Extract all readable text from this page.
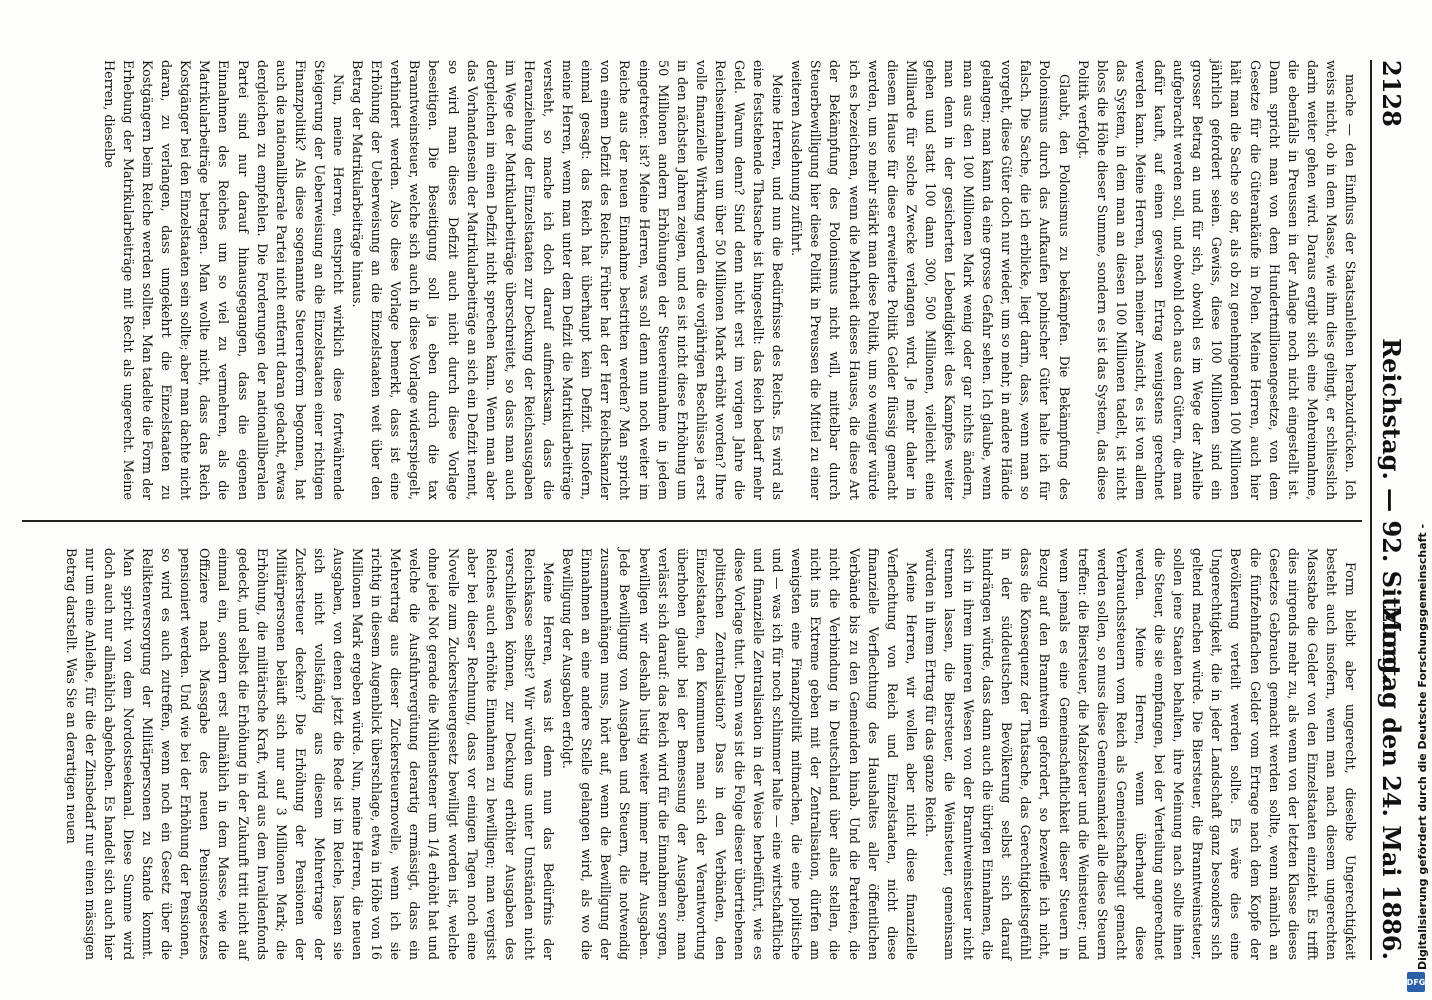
2128
Reichstag. — 92. Sitzung.
Montag den 24. Mai 1886.

mache — den Einfluss der Staatsanleihen herabzudrücken. Ich weiss nicht, ob in dem Masse, wie ihm dies gelingt, er schliesslich darin weiter gehen wird. Daraus ergibt sich eine Mehreinnahme, die ebenfalls in Preussen in der Anlage noch nicht eingestellt ist. Dann spricht man von dem Hundertmillionengesetze, von dem Gesetze für die Güterankäufe in Polen. Meine Herren, auch hier hält man die Sache so dar, als ob zu genehmigenden 100 Millionen jährlich gefordert seien. Gewiss, diese 100 Millionen sind ein grosser Betrag an und für sich, obwohl es im Wege der Anleihe aufgebracht werden soll, und obwohl doch aus den Gütern, die man dafür kauft, auf einen gewissen Ertrag wenigstens gerechnet werden kann. Meine Herren, nach meiner Ansicht, es ist von allem das System, in dem man an diesen 100 Millionen tadelt, ist nicht bloss die Höhe dieser Summe, sondern es ist das System, das diese Politik verfolgt.

Glaubt, den Polonismus zu bekämpfen. Die Bekämpfung des Polonismus durch das Aufkaufen polnischer Güter halte ich für falsch. Die Sache, die ich erblicke, liegt darin, dass, wenn man so vorgeht, diese Güter doch nur wieder, um so mehr, in andere Hände gelangen; man kann da eine grosse Gefahr sehen. Ich glaube, wenn man aus den 100 Millionen Mark wenig oder gar nichts ändern, man denn in der gesicherten Lebendigkeit des Kampfes weiter gehen und statt 100 dann 300, 500 Millionen, vielleicht eine Milliarde für solche Zwecke verlangen wird. Je mehr daher in diesem Hause für diese erweiterte Politik Gelder flüssig gemacht werden, um so mehr stärkt man diese Politik, um so weniger würde ich es bezeichnen, wenn die Mehrheit dieses Hauses, die diese Art der Bekämpfung des Polonismus nicht will, mittelbar durch Steuerbewilligung hier diese Politik in Preussen die Mittel zu einer weiteren Ausdehnung zuführt.

Meine Herren, und nun die Bedürfnisse des Reichs. Es wird als eine feststehende Thatsache ist hingestellt: das Reich bedarf mehr Geld. Warum denn? Sind denn nicht erst im vorigen Jahre die Reichseinnahmen um über 50 Millionen Mark erhöht worden? Ihre volle finanzielle Wirkung werden die vorjährigen Beschlüsse ja erst in den nächsten Jahren zeigen, und es ist nicht diese Erhöhung um 50 Millionen andern Erhöhungen der Steuereinnahme in jedem eingetreten: ist? Meine Herren, was soll denn nun noch weiter im Reiche aus der neuen Einnahme bestritten werden? Man spricht von einem Defizit des Reichs. Früher hat der Herr Reichskanzler einmal gesagt: das Reich hat überhaupt kein Defizit. Insofern, meine Herren, wenn man unter dem Defizit die Matrikularbeiträge versteht, so mache ich doch darauf aufmerksam, dass die Heranziehung der Einzelstaaten zur Deckung der Reichsausgaben im Wege der Matrikularbeiträge überschreitet, so dass man auch dergleichen im einen Defizit nicht sprechen kann. Wenn man aber das Vorhandensein der Matrikularbeiträge an sich ein Defizit nennt, so wird man dieses Defizit auch nicht durch diese Vorlage beseitigen. Die Beseitigung soll ja eben durch die tax Branntweinsteuer, welche sich auch in diese Vorlage widerspiegelt, verhindert werden. Also diese Vorlage bemerkt, dass ist eine Erhöhung der Ueberweisung an die Einzelstaaten weit über den Betrag der Matrikularbeiträge hinaus.

Nun, meine Herren, entspricht wirklich diese fortwährende Steigerung der Ueberweisung an die Einzelstaaten einer richtigen Finanzpolitik? Als diese sogenannte Steuerreform begonnen, hat auch die nationalliberale Partei nicht entfernt daran gedacht, etwas dergleichen zu empfehlen. Die Forderungen der nationalliberalen Partei sind nur darauf hinausgegangen, dass die eigenen Einnahmen des Reiches um so viel zu vermehren, als die Matrikularbeiträge betragen. Man wollte nicht, dass das Reich Kostgänger bei den Einzelstaaten sein sollte; aber man dachte nicht daran, zu verlangen, dass umgekehrt die Einzelstaaten zu Kostgängern beim Reiche werden sollten. Man tadelte die Form der Erhebung der Matrikularbeiträge mit Recht als ungerecht. Meine Herren, dieselbe

Form bleibt aber ungerecht, dieselbe Ungerechtigkeit besteht auch insofern, wenn man nach diesem ungerechten Masstabe die Gelder von den Einzelstaaten einzieht. Es trifft dies nirgends mehr zu, als wenn von der letzten Klasse dieses Gesetzes Gebrauch gemacht werden sollte, wenn nämlich an die fünfzehnfachen Gelder vom Ertrage nach dem Kopfe der Bevölkerung verteilt werden sollte. Es wäre dies eine Ungerechtigkeit, die in jeder Landschaft ganz besonders sich geltend machen würde. Die Biersteuer, die Branntweinsteuer, sollen jene Staaten behalten, ihre Meinung nach sollte ihnen die Steuer, die sie empfangen, bei der Verteilung angerechnet werden. Meine Herren, wenn überhaupt diese Verbrauchssteuern vom Reich als Gemeinschaftsgut gemacht werden sollen, so muss diese Gemeinsamkeit alle diese Steuern treffen: die Biersteuer, die Malzsteuer und die Weinsteuer; und wenn jemals es eine Gemeinschaftlichkeit dieser Steuern in Bezug auf den Branntwein gefordert, so bezweifle ich nicht, dass die Konsequenz der Thatsache, das Gerechtigkeitsgefühl in der süddeutschen Bevölkerung selbst sich darauf hindrängen würde, dass dann auch die übrigen Einnahmen, die sich in ihrem inneren Wesen von der Branntweinsteuer nicht trennen lassen, die Biersteuer, die Weinsteuer, gemeinsam würden in ihrem Ertrag für das ganze Reich.

Meine Herren, wir wollen aber nicht diese finanzielle Verflechtung von Reich und Einzelstaaten, nicht diese finanzielle Verflechtung des Haushaltes aller öffentlichen Verbände bis zu den Gemeinden hinab. Und die Parteien, die nicht die Verbindung in Deutschland über alles stellen, die nicht ins Extreme geben mit der Zentralisation, dürfen am wenigsten eine Finanzpolitik mitmachen, die eine politische und — was ich für noch schlimmer halte — eine wirtschaftliche und finanzielle Zentralisation in der Weise herbeiführt, wie es diese Vorlage thut. Denn was ist die Folge dieser übertriebenen politischen Zentralisation? Dass in den Verbänden, den Einzelstaaten, den Kommunen man sich der Verantwortung überhoben glaubt bei der Bemessung der Ausgaben; man verlässt sich darauf: das Reich wird für die Einnahmen sorgen, bewilligen wir deshalb lustig weiter immer mehr Ausgaben. Jede Bewilligung von Ausgaben und Steuern, die notwendig zusammenhängen muss, hört auf, wenn die Bewilligung der Einnahmen an eine andere Stelle gelangen wird, als wo die Bewilligung der Ausgaben erfolgt.

Meine Herren, was ist denn nun das Bedürfnis der Reichskasse selbst? Wir würden uns unter Umständen nicht verschließen können, zur Deckung erhöhter Ausgaben des Reiches auch erhöhte Einnahmen zu bewilligen; man vergisst aber bei dieser Rechnung, dass vor einigen Tagen noch eine Novelle zum Zuckersteuergesetz bewilligt worden ist, welche ohne jede Not gerade die Mühlenstener um 1/4 erhöht hat und welche die Ausfuhrvergütung derartig ermässigt, dass ein Mehrertrag aus dieser Zuckersteuernovelle, wenn ich sie richtig in diesem Augenblick überschlage, etwa in Höhe von 16 Millionen Mark ergeben würde. Nun, meine Herren, die neuen Ausgaben, von denen jetzt die Rede ist im Reiche, lassen sie sich nicht vollständig aus diesem Mehrertrage der Zuckersteuer decken? Die Erhöhung der Pensionen der Militärpersonen beläuft sich nur auf 3 Millionen Mark; die Erhöhung, die militärische Kraft, wird aus dem Invalidenfonds gedeckt, und selbst die Erhöhung in der Zukunft tritt nicht auf einmal ein, sondern erst allmählich in dem Masse, wie die Offiziere nach Massgabe des neuen Pensionsgesetzes pensioniert werden. Und wie bei der Erhöhung der Pensionen, so wird es auch zutreffen, wenn noch ein Gesetz über die Reliktenversorgung der Militärpersonen zu Stande kommt. Man spricht von dem Nordostseekanal. Diese Summe wird doch auch nur allmählich abgehoben. Es handelt sich auch hier nur um eine Anleihe, für die der Zinsbedarf nur einen mässigen Betrag darstellt. Was Sie an derartigen neuen	Digitalisierung gefördert durch die Deutsche Forschungsgemeinschaft -
DFG
